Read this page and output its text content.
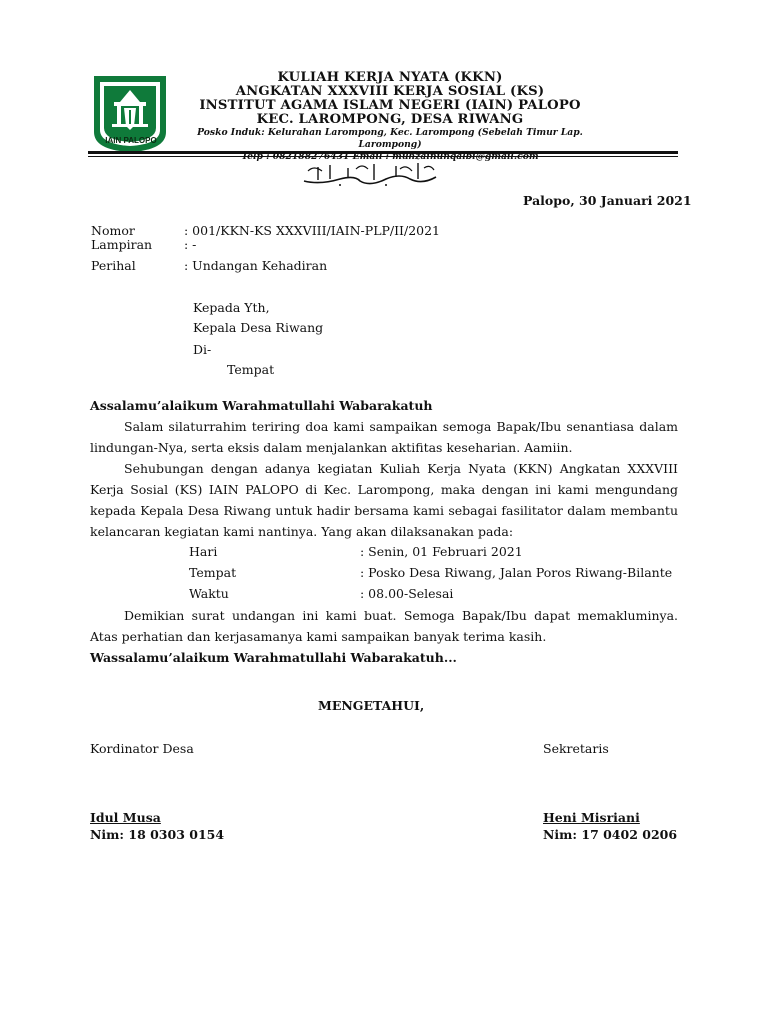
IAIN PALOPO
KULIAH KERJA NYATA (KKN)
ANGKATAN XXXVIII KERJA SOSIAL (KS)
INSTITUT AGAMA ISLAM NEGERI (IAIN) PALOPO
KEC. LAROMPONG, DESA RIWANG
Posko Induk: Kelurahan Larompong, Kec. Larompong (Sebelah Timur Lap. Larompong)
Telp : 082188276431 Email : muhzainunqalbi@gmail.com
Palopo, 30 Januari 2021
Nomor	: 001/KKN-KS XXXVIII/IAIN-PLP/II/2021
Lampiran	: -
Perihal	: Undangan Kehadiran
Kepada Yth,
Kepala Desa Riwang
Di-
Tempat
Assalamu’alaikum Warahmatullahi Wabarakatuh
Salam silaturrahim teriring doa kami sampaikan semoga Bapak/Ibu senantiasa dalam lindungan-Nya, serta eksis dalam menjalankan aktifitas keseharian. Aamiin.
Sehubungan dengan adanya kegiatan Kuliah Kerja Nyata (KKN) Angkatan XXXVIII Kerja Sosial (KS) IAIN PALOPO di Kec. Larompong, maka dengan ini kami mengundang kepada Kepala Desa Riwang untuk hadir bersama kami sebagai fasilitator dalam membantu kelancaran kegiatan kami nantinya. Yang akan dilaksanakan pada:
Hari	: Senin, 01 Februari 2021
Tempat	: Posko Desa Riwang, Jalan Poros Riwang-Bilante
Waktu	: 08.00-Selesai
Demikian surat undangan ini kami buat. Semoga Bapak/Ibu dapat memakluminya. Atas perhatian dan kerjasamanya kami sampaikan banyak terima kasih.
Wassalamu’alaikum Warahmatullahi Wabarakatuh...
MENGETAHUI,
Kordinator Desa	Sekretaris
Idul Musa
Nim: 18 0303 0154
Heni Misriani
Nim: 17 0402 0206
